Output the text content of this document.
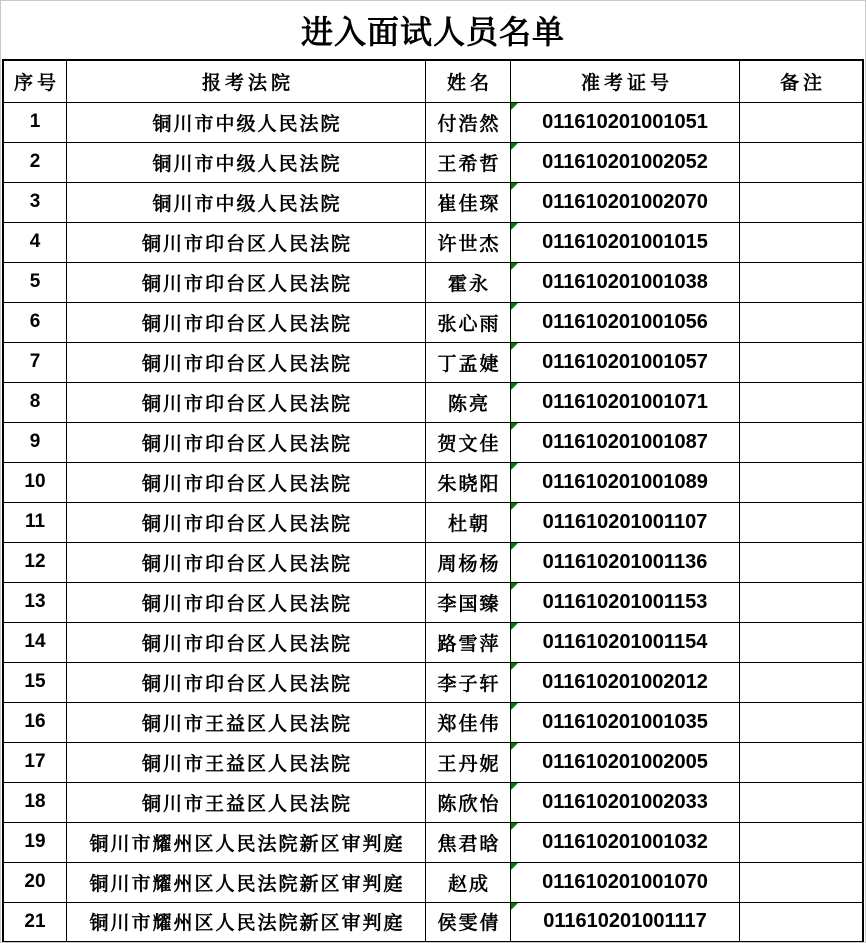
进入面试人员名单
序号	报考法院	姓名	准考证号	备注
1	铜川市中级人民法院	付浩然	011610201001051	
2	铜川市中级人民法院	王希哲	011610201002052	
3	铜川市中级人民法院	崔佳琛	011610201002070	
4	铜川市印台区人民法院	许世杰	011610201001015	
5	铜川市印台区人民法院	霍永	011610201001038	
6	铜川市印台区人民法院	张心雨	011610201001056	
7	铜川市印台区人民法院	丁孟婕	011610201001057	
8	铜川市印台区人民法院	陈亮	011610201001071	
9	铜川市印台区人民法院	贺文佳	011610201001087	
10	铜川市印台区人民法院	朱晓阳	011610201001089	
11	铜川市印台区人民法院	杜朝	011610201001107	
12	铜川市印台区人民法院	周杨杨	011610201001136	
13	铜川市印台区人民法院	李国臻	011610201001153	
14	铜川市印台区人民法院	路雪萍	011610201001154	
15	铜川市印台区人民法院	李子轩	011610201002012	
16	铜川市王益区人民法院	郑佳伟	011610201001035	
17	铜川市王益区人民法院	王丹妮	011610201002005	
18	铜川市王益区人民法院	陈欣怡	011610201002033	
19	铜川市耀州区人民法院新区审判庭	焦君晗	011610201001032	
20	铜川市耀州区人民法院新区审判庭	赵成	011610201001070	
21	铜川市耀州区人民法院新区审判庭	侯雯倩	011610201001117	
